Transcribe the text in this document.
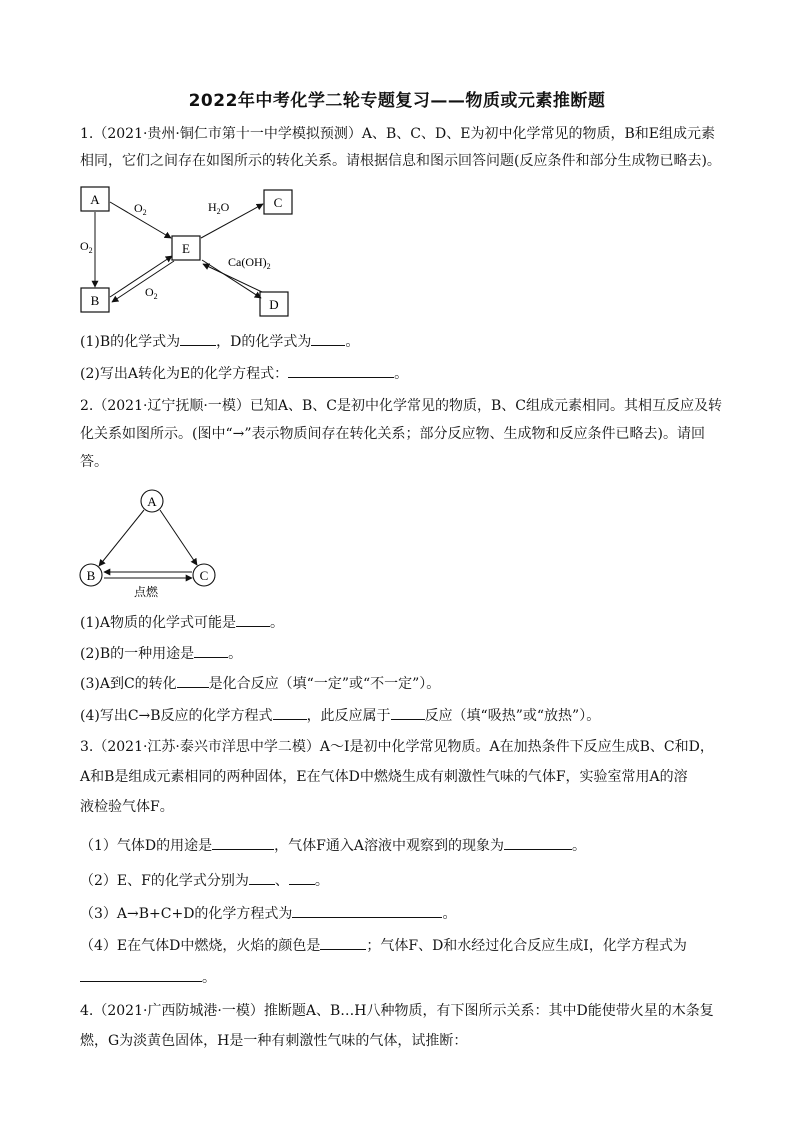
2022年中考化学二轮专题复习——物质或元素推断题
1.（2021·贵州·铜仁市第十一中学模拟预测）A、B、C、D、E为初中化学常见的物质，B和E组成元素
相同，它们之间存在如图所示的转化关系。请根据信息和图示回答问题(反应条件和部分生成物已略去)。
A	C
E
B	D
$O_2$
$O_2$
$O_2$
$H_2O$
$Ca(OH)_2$
(1)B的化学式为	，D的化学式为 。
(2)写出A转化为E的化学方程式：	。
2.（2021·辽宁抚顺·一模）已知A、B、C是初中化学常见的物质，B、C组成元素相同。其相互反应及转
化关系如图所示。(图中“→”表示物质间存在转化关系；部分反应物、生成物和反应条件已略去)。请回
答。
A
B	C
点燃
(1)A物质的化学式可能是 。
(2)B的一种用途是 。
(3)A到C的转化 是化合反应（填“一定”或“不一定”）。
(4)写出C→B反应的化学方程式 ，此反应属于 反应（填“吸热”或“放热”）。
3.（2021·江苏·泰兴市洋思中学二模）A～I是初中化学常见物质。A在加热条件下反应生成B、C和D，
A和B是组成元素相同的两种固体，E在气体D中燃烧生成有刺激性气味的气体F，实验室常用A的溶
液检验气体F。
（1）气体D的用途是	，气体F通入A溶液中观察到的现象为	。
（2）E、F的化学式分别为 、 。
（3）A→B+C+D的化学方程式为	。
（4）E在气体D中燃烧，火焰的颜色是	；气体F、D和水经过化合反应生成I，化学方程式为
。
4.（2021·广西防城港·一模）推断题A、B…H八种物质，有下图所示关系：其中D能使带火星的木条复
燃，G为淡黄色固体，H是一种有刺激性气味的气体，试推断：
